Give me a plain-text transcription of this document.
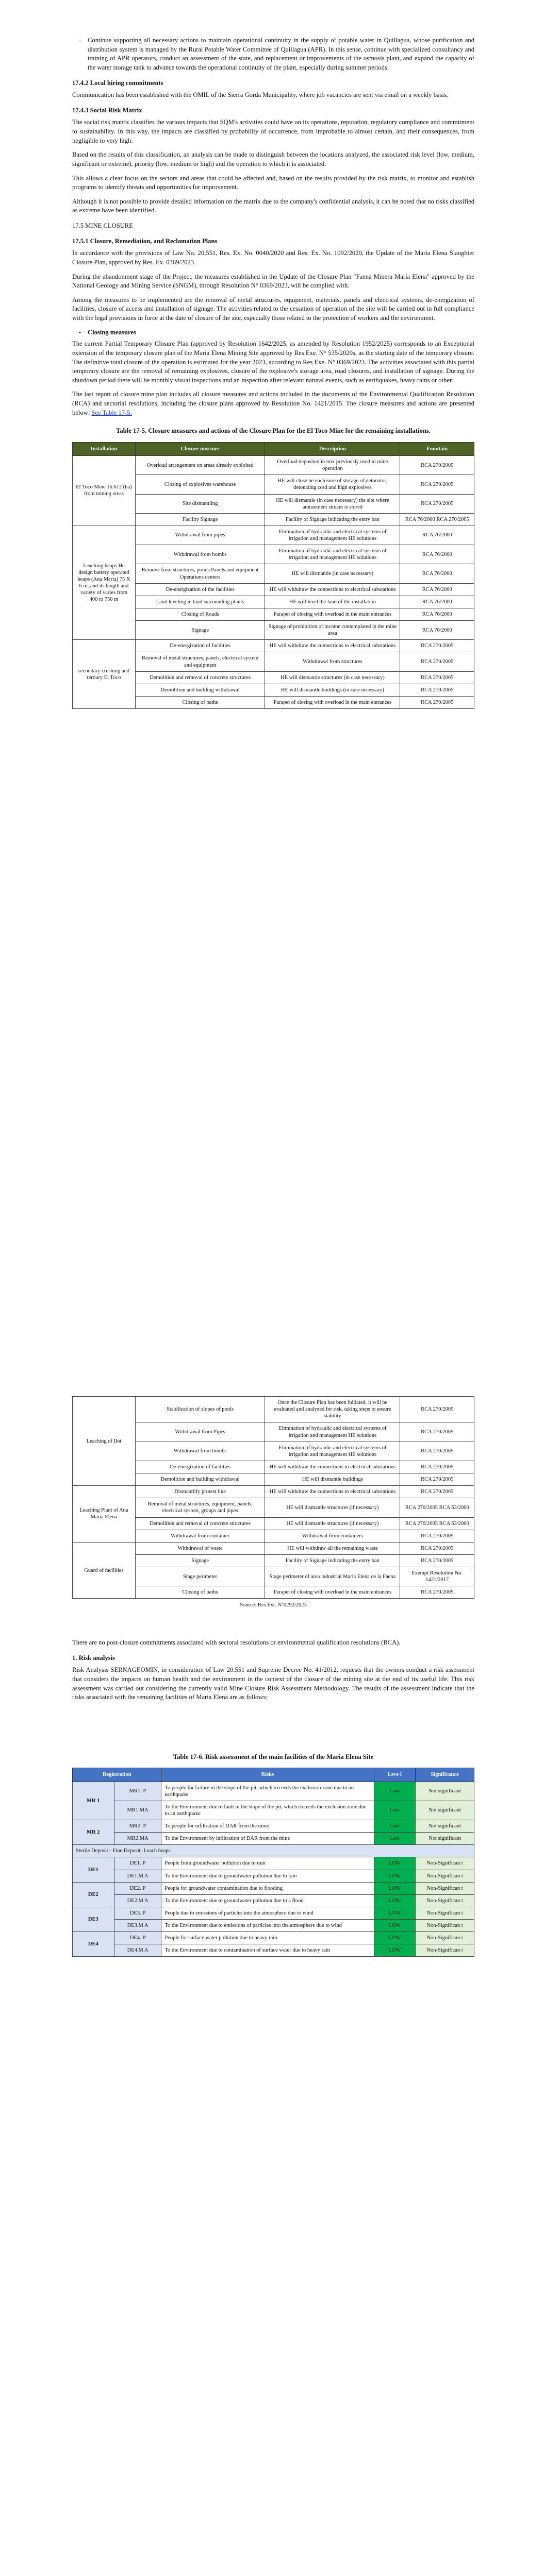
– Continue supporting all necessary actions to maintain operational continuity in the supply of potable water in Quillagua, whose purification and distribution system is managed by the Rural Potable Water Committee of Quillagua (APR). In this sense, continue with specialized consultancy and training of APR operators, conduct an assessment of the state, and replacement or improvements of the osmosis plant, and expand the capacity of the water storage tank to advance towards the operational continuity of the plant, especially during summer periods.

17.4.2 Local hiring commitments

Communication has been established with the OMIL of the Sierra Gorda Municipality, where job vacancies are sent via email on a weekly basis.

17.4.3 Social Risk Matrix

The social risk matrix classifies the various impacts that SQM's activities could have on its operations, reputation, regulatory compliance and commitment to sustainability. In this way, the impacts are classified by probability of occurrence, from improbable to almost certain, and their consequences, from negligible to very high.

Based on the results of this classification, an analysis can be made to distinguish between the locations analyzed, the associated risk level (low, medium, significant or extreme), priority (low, medium or high) and the operation to which it is associated.

This allows a clear focus on the sectors and areas that could be affected and, based on the results provided by the risk matrix, to monitor and establish programs to identify threats and opportunities for improvement.

Although it is not possible to provide detailed information on the matrix due to the company's confidential analysis, it can be noted that no risks classified as extreme have been identified.

17.5 MINE CLOSURE
17.5.1 Closure, Remediation, and Reclamation Plans

In accordance with the provisions of Law No. 20,551, Res. Ex. No. 0040/2020 and Res. Ex. No. 1092/2020, the Update of the Maria Elena Slaughter Closure Plan, approved by Res. Ex. 0369/2023.

During the abandonment stage of the Project, the measures established in the Update of the Closure Plan "Faena Minera María Elena" approved by the National Geology and Mining Service (SNGM), through Resolution N° 0369/2023, will be complied with.

Among the measures to be implemented are the removal of metal structures, equipment, materials, panels and electrical systems, de-energization of facilities, closure of access and installation of signage. The activities related to the cessation of operation of the site will be carried out in full compliance with the legal provisions in force at the date of closure of the site, especially those related to the protection of workers and the environment.

•	Closing measures

The current Partial Temporary Closure Plan (approved by Resolution 1642/2025, as amended by Resolution 1952/2025) corresponds to an Exceptional extension of the temporary closure plan of the Maria Elena Mining Site approved by Res Exe. N° 535/2020s, as the starting date of the temporary closure. The definitive total closure of the operation is estimated for the year 2023, according to Res Exe. N° 0369/2023. The activities associated with this partial temporary closure are the removal of remaining explosives, closure of the explosive's storage area, road closures, and installation of signage. During the shutdown period there will be monthly visual inspections and an inspection after relevant natural events, such as earthquakes, heavy rains or other.

The last report of closure mine plan includes all closure measures and actions included in the documents of the Environmental Qualification Resolution (RCA) and sectorial resolutions, including the closure plans approved by Resolution No. 1421/2015. The closure measures and actions are presented below: See Table 17-5.

Table 17-5. Closure measures and actions of the Closure Plan for the El Toco Mine for the remaining installations.
Installation	Closure measure	Description	Fountain
El Toco Mine 16.612 (ha) from mining areas	Overload arrangement on areas already exploited	Overload deposited in mix previously used in mine operation	RCA 270/2005
	Closing of explosives warehouse	HE will close be enclosure of storage of detonator, detonating cord and high explosives	RCA 270/2005
	Site dismantling	HE will dismantle (in case necessary) the site where amusement stream is stored	RCA 270/2005
	Facility Signage	Facility of Signage indicating the entry ban	RCA 76/2000 RCA 270/2005
Leaching heaps He design battery operated heaps (Ana Maria) 75 X 6 m, and its length and variety of varies from 400 to 750 m	Withdrawal from pipes	Elimination of hydraulic and electrical systems of irrigation and management HE solutions	RCA 76/2000
	Withdrawal from bombs	Elimination of hydraulic and electrical systems of irrigation and management HE solutions	RCA 76/2000
	Remove from structures, ponds Panels and equipment Operations centers	HE will dismantle (in case necessary)	RCA 76/2000
	De-energization of the facilities	HE will withdraw the connections to electrical substations	RCA 76/2000
	Land leveling in land surrounding plants	HE will level the land of the installation	RCA 76/2000
	Closing of Roads	Parapet of closing with overload in the main entrances	RCA 76/2000
	Signage	Signage of prohibition of income contemplated in the mine area	RCA 76/2000
secondary crushing and tertiary El Toco	De-energization of facilities	HE will withdraw the connections to electrical substations	RCA 270/2005
	Removal of metal structures, panels, electrical system and equipment	Withdrawal from structures	RCA 270/2005
	Demolition and removal of concrete structures	HE will dismantle structures (in case necessary)	RCA 270/2005
	Demolition and building withdrawal	HE will dismantle buildings (in case necessary)	RCA 270/2005
	Closing of paths	Parapet of closing with overload in the main entrances	RCA 270/2005
Leaching of Ilot	Stabilization of slopes of pools	Once the Closure Plan has been initiated, it will be evaluated and analyzed for risk, taking steps to ensure stability	RCA 270/2005
	Withdrawal from Pipes	Elimination of hydraulic and electrical systems of irrigation and management HE solutions	RCA 270/2005
	Withdrawal from bombs	Elimination of hydraulic and electrical systems of irrigation and management HE solutions	RCA 270/2005
	De-energization of facilities	HE will withdraw the connections to electrical substations	RCA 270/2005
	Demolition and building withdrawal	HE will dismantle buildings	RCA 270/2005
Leaching Plant of Ana Maria Elena	Dismantlify protest line	HE will withdraw the connections to electrical substations	RCA 270/2005
	Removal of metal structures, equipment, panels, electrical system, groups and pipes	HE will dismantle structures (if necessary)	RCA 270/2005 RCA 63/2000
	Demolition and removal of concrete structures	HE will dismantle structures (if necessary)	RCA 270/2005 RCA 63/2000
	Withdrawal from container	Withdrawal from containers	RCA 270/2005
Guard of facilities	Withdrawal of waste	HE will withdraw all the remaining waste	RCA 270/2005
	Signage	Facility of Signage indicating the entry ban	RCA 270/2005
	Stage perimeter	Stage perimeter of area industrial Maria Elena de la Faena	Exempt Resolution No. 1421/2017
	Closing of paths	Parapet of closing with overload in the main entrances	RCA 270/2005
Source: Res Ext. N°0292/2023

There are no post-closure commitments associated with sectoral resolutions or environmental qualification resolutions (RCA).

1. Risk analysis

Risk Analysis SERNAGEOMIN, in consideration of Law 20.551 and Supreme Decree No. 41/2012, requests that the owners conduct a risk assessment that considers the impacts on human health and the environment in the context of the closure of the mining site at the end of its useful life. This risk assessment was carried out considering the currently valid Mine Closure Risk Assessment Methodology. The results of the assessment indicate that the risks associated with the remaining facilities of Maria Elena are as follows:

Table 17-6. Risk assessment of the main facilities of the Maria Elena Site
Registration		Risks	Leve l	Significance
MR 1	MR1. P	To people for failure in the slope of the pit, which exceeds the exclusion zone due to an earthquake	Low	Not significant
	MR1.MA	To the Environment due to fault in the slope of the pit, which exceeds the exclusion zone due to an earthquake	Low	Not significant
MR 2	MR2. P	To people for infiltration of DAR from the mine	Low	Not significant
	MR2.MA	To the Environment by infiltration of DAR from the mine	Low	Not significant
Sterile Deposit - Fine Deposit- Leach heaps				
DE1	DE1. P	People from groundwater pollution due to rain	LOW	Non-Significan t
	DE1.M A	To the Environment due to groundwater pollution due to rain	LOW	Non-Significan t
DE2	DE2. P	People for groundwater contamination due to flooding	LOW	Non-Significan t
	DE2.M A	To the Environment due to groundwater pollution due to a flood	LOW	Non-Significan t
DE3	DE3. P	People due to emissions of particles into the atmosphere due to wind	LOW	Non-Significan t
	DE3.M A	To the Environment due to emissions of particles into the atmosphere due to wind	LOW	Non-Significan t
DE4	DE4. P	People for surface water pollution due to heavy rain	LOW	Non-Significan t
	DE4.M A	To the Environment due to contamination of surface water due to heavy rain	LOW	Non-Significan t
